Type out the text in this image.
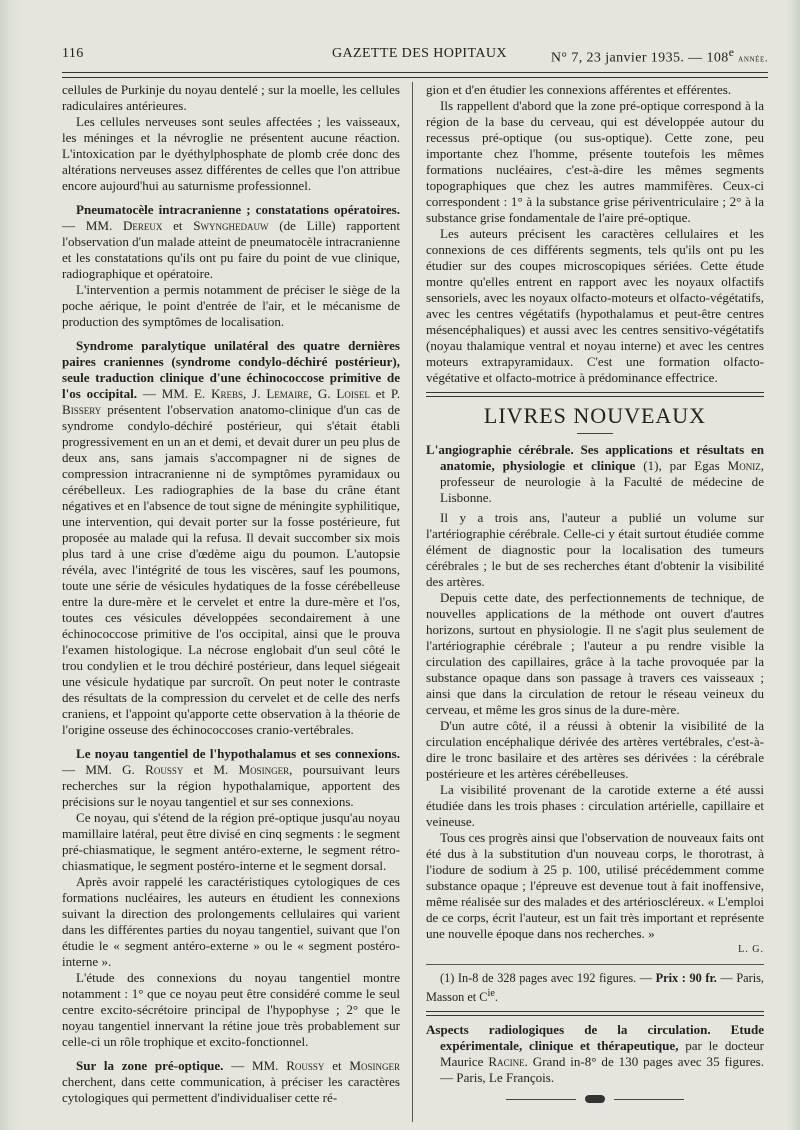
116	GAZETTE DES HOPITAUX	N° 7, 23 janvier 1935. — 108e année.

cellules de Purkinje du noyau dentelé ; sur la moelle, les cellules radiculaires antérieures.

Les cellules nerveuses sont seules affectées ; les vaisseaux, les méninges et la névroglie ne présentent aucune réaction. L'intoxication par le dyéthylphosphate de plomb crée donc des altérations nerveuses assez différentes de celles que l'on attribue encore aujourd'hui au saturnisme professionnel.

Pneumatocèle intracranienne ; constatations opératoires. — MM. Dereux et Swynghedauw (de Lille) rapportent l'observation d'un malade atteint de pneumatocèle intracranienne et les constatations qu'ils ont pu faire du point de vue clinique, radiographique et opératoire.

L'intervention a permis notamment de préciser le siège de la poche aérique, le point d'entrée de l'air, et le mécanisme de production des symptômes de localisation.

Syndrome paralytique unilatéral des quatre dernières paires craniennes (syndrome condylo-déchiré postérieur), seule traduction clinique d'une échinococcose primitive de l'os occipital. — MM. E. Krebs, J. Lemaire, G. Loisel et P. Bissery présentent l'observation anatomo-clinique d'un cas de syndrome condylo-déchiré postérieur, qui s'était établi progressivement en un an et demi, et devait durer un peu plus de deux ans, sans jamais s'accompagner ni de signes de compression intracranienne ni de symptômes pyramidaux ou cérébelleux. Les radiographies de la base du crâne étant négatives et en l'absence de tout signe de méningite syphilitique, une intervention, qui devait porter sur la fosse postérieure, fut proposée au malade qui la refusa. Il devait succomber six mois plus tard à une crise d'œdème aigu du poumon. L'autopsie révéla, avec l'intégrité de tous les viscères, sauf les poumons, toute une série de vésicules hydatiques de la fosse cérébelleuse entre la dure-mère et le cervelet et entre la dure-mère et l'os, toutes ces vésicules développées secondairement à une échinococcose primitive de l'os occipital, ainsi que le prouva l'examen histologique. La nécrose englobait d'un seul côté le trou condylien et le trou déchiré postérieur, dans lequel siégeait une vésicule hydatique par surcroît. On peut noter le contraste des résultats de la compression du cervelet et de celle des nerfs craniens, et l'appoint qu'apporte cette observation à la théorie de l'origine osseuse des échinococcoses cranio-vertébrales.

Le noyau tangentiel de l'hypothalamus et ses connexions. — MM. G. Roussy et M. Mosinger, poursuivant leurs recherches sur la région hypothalamique, apportent des précisions sur le noyau tangentiel et sur ses connexions.

Ce noyau, qui s'étend de la région pré-optique jusqu'au noyau mamillaire latéral, peut être divisé en cinq segments : le segment pré-chiasmatique, le segment antéro-externe, le segment rétro-chiasmatique, le segment postéro-interne et le segment dorsal.

Après avoir rappelé les caractéristiques cytologiques de ces formations nucléaires, les auteurs en étudient les connexions suivant la direction des prolongements cellulaires qui varient dans les différentes parties du noyau tangentiel, suivant que l'on étudie le « segment antéro-externe » ou le « segment postéro-interne ».

L'étude des connexions du noyau tangentiel montre notamment : 1° que ce noyau peut être considéré comme le seul centre excito-sécrétoire principal de l'hypophyse ; 2° que le noyau tangentiel innervant la rétine joue très probablement sur celle-ci un rôle trophique et excito-fonctionnel.

Sur la zone pré-optique. — MM. Roussy et Mosinger cherchent, dans cette communication, à préciser les caractères cytologiques qui permettent d'individualiser cette ré-

gion et d'en étudier les connexions afférentes et efférentes.

Ils rappellent d'abord que la zone pré-optique correspond à la région de la base du cerveau, qui est développée autour du recessus pré-optique (ou sus-optique). Cette zone, peu importante chez l'homme, présente toutefois les mêmes formations nucléaires, c'est-à-dire les mêmes segments topographiques que chez les autres mammifères. Ceux-ci correspondent : 1° à la substance grise périventriculaire ; 2° à la substance grise fondamentale de l'aire pré-optique.

Les auteurs précisent les caractères cellulaires et les connexions de ces différents segments, tels qu'ils ont pu les étudier sur des coupes microscopiques sériées. Cette étude montre qu'elles entrent en rapport avec les noyaux olfactifs sensoriels, avec les noyaux olfacto-moteurs et olfacto-végétatifs, avec les centres végétatifs (hypothalamus et peut-être centres mésencéphaliques) et aussi avec les centres sensitivo-végétatifs (noyau thalamique ventral et noyau interne) et avec les centres moteurs extrapyramidaux. C'est une formation olfacto-végétative et olfacto-motrice à prédominance effectrice.

LIVRES NOUVEAUX

L'angiographie cérébrale. Ses applications et résultats en anatomie, physiologie et clinique (1), par Egas Moniz, professeur de neurologie à la Faculté de médecine de Lisbonne.

Il y a trois ans, l'auteur a publié un volume sur l'artériographie cérébrale. Celle-ci y était surtout étudiée comme élément de diagnostic pour la localisation des tumeurs cérébrales ; le but de ses recherches étant d'obtenir la visibilité des artères.

Depuis cette date, des perfectionnements de technique, de nouvelles applications de la méthode ont ouvert d'autres horizons, surtout en physiologie. Il ne s'agit plus seulement de l'artériographie cérébrale ; l'auteur a pu rendre visible la circulation des capillaires, grâce à la tache provoquée par la substance opaque dans son passage à travers ces vaisseaux ; ainsi que dans la circulation de retour le réseau veineux du cerveau, et même les gros sinus de la dure-mère.

D'un autre côté, il a réussi à obtenir la visibilité de la circulation encéphalique dérivée des artères vertébrales, c'est-à-dire le tronc basilaire et des artères ses dérivées : la cérébrale postérieure et les artères cérébelleuses.

La visibilité provenant de la carotide externe a été aussi étudiée dans les trois phases : circulation artérielle, capillaire et veineuse.

Tous ces progrès ainsi que l'observation de nouveaux faits ont été dus à la substitution d'un nouveau corps, le thorotrast, à l'iodure de sodium à 25 p. 100, utilisé précédemment comme substance opaque ; l'épreuve est devenue tout à fait inoffensive, même réalisée sur des malades et des artérioscléreux. « L'emploi de ce corps, écrit l'auteur, est un fait très important et représente une nouvelle époque dans nos recherches. »

L. G.

(1) In-8 de 328 pages avec 192 figures. — Prix : 90 fr. — Paris, Masson et $C^{ie}$.

Aspects radiologiques de la circulation. Etude expérimentale, clinique et thérapeutique, par le docteur Maurice Racine. Grand in-8° de 130 pages avec 35 figures. — Paris, Le François.
